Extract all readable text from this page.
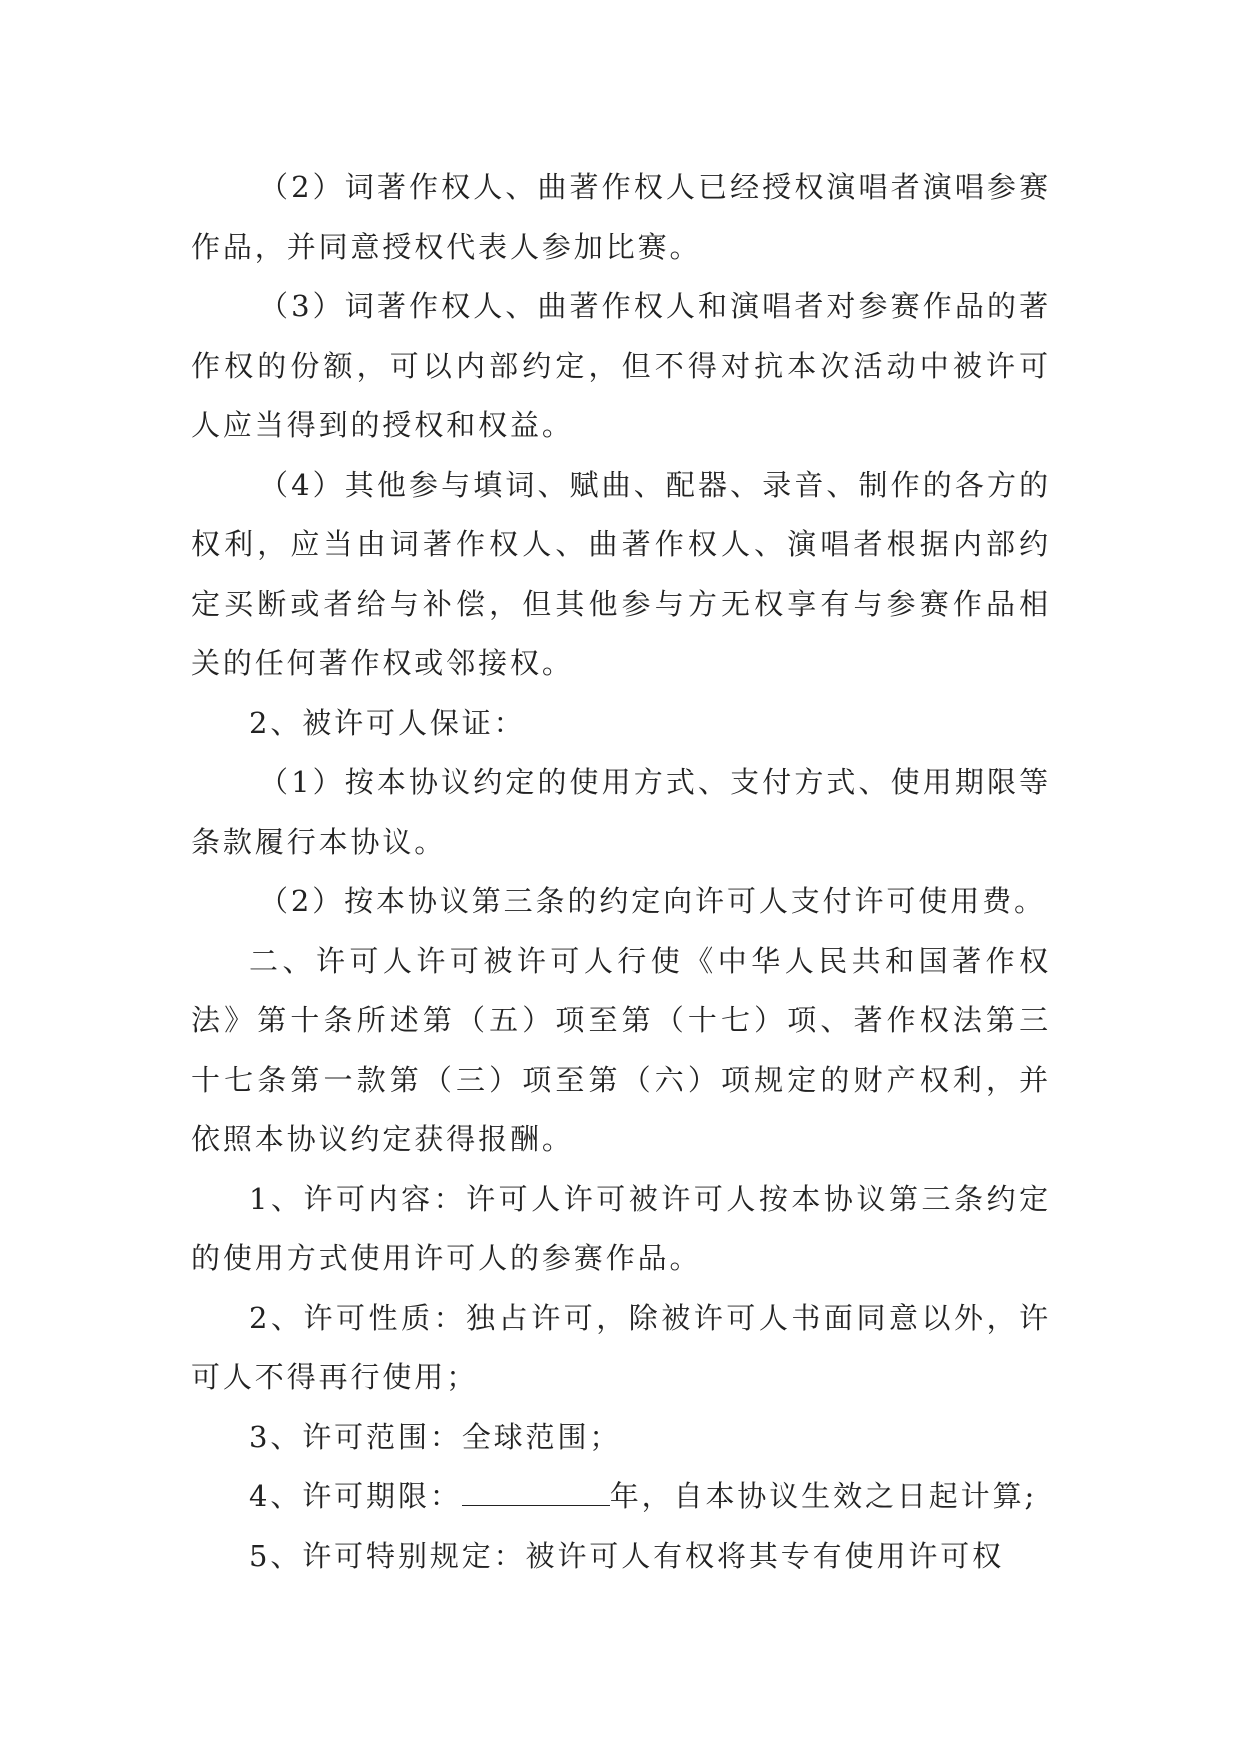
（2）词著作权人、曲著作权人已经授权演唱者演唱参赛作品，并同意授权代表人参加比赛。

（3）词著作权人、曲著作权人和演唱者对参赛作品的著作权的份额，可以内部约定，但不得对抗本次活动中被许可人应当得到的授权和权益。

（4）其他参与填词、赋曲、配器、录音、制作的各方的权利，应当由词著作权人、曲著作权人、演唱者根据内部约定买断或者给与补偿，但其他参与方无权享有与参赛作品相关的任何著作权或邻接权。

2、被许可人保证：

（1）按本协议约定的使用方式、支付方式、使用期限等条款履行本协议。

（2）按本协议第三条的约定向许可人支付许可使用费。

二、许可人许可被许可人行使《中华人民共和国著作权法》第十条所述第（五）项至第（十七）项、著作权法第三十七条第一款第（三）项至第（六）项规定的财产权利，并依照本协议约定获得报酬。

1、许可内容：许可人许可被许可人按本协议第三条约定的使用方式使用许可人的参赛作品。

2、许可性质：独占许可，除被许可人书面同意以外，许可人不得再行使用；

3、许可范围：全球范围；

4、许可期限：	年，自本协议生效之日起计算;

5、许可特别规定：被许可人有权将其专有使用许可权
